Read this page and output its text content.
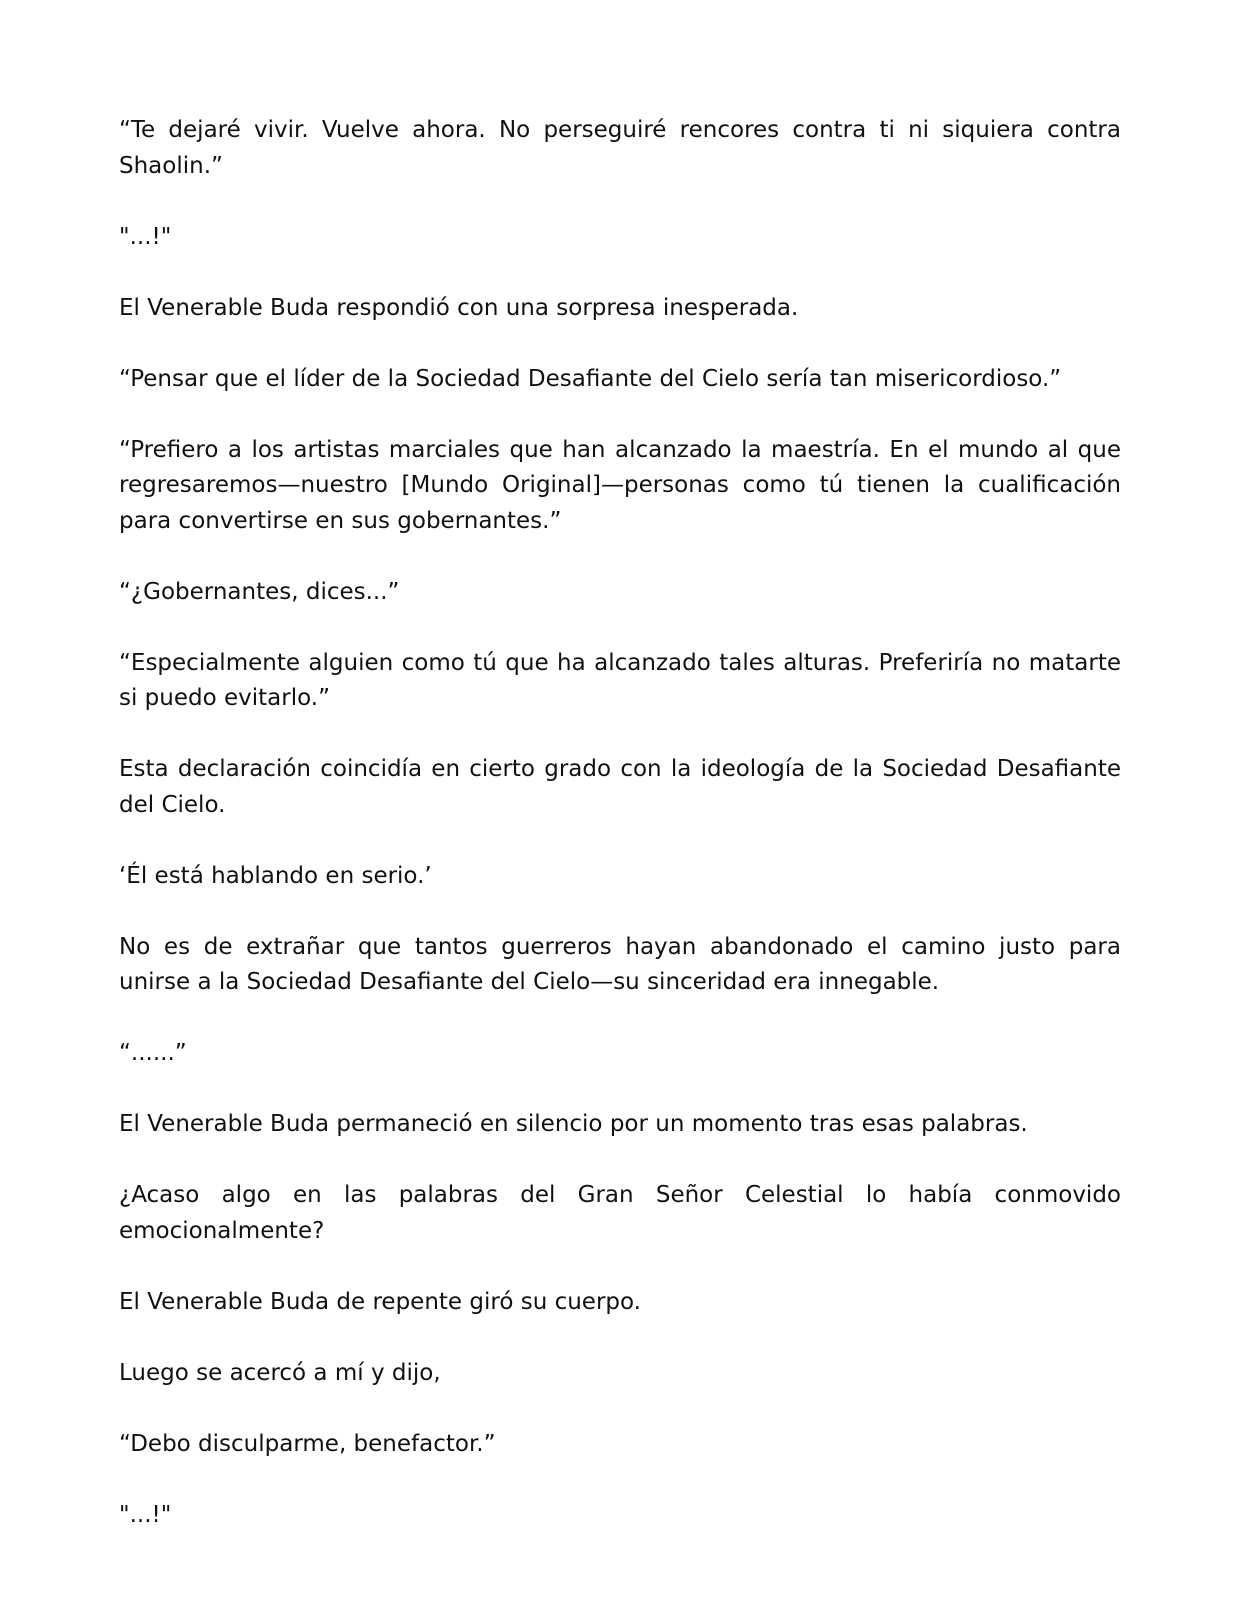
“Te dejaré vivir. Vuelve ahora. No perseguiré rencores contra ti ni siquiera contra Shaolin.”

"...!"

El Venerable Buda respondió con una sorpresa inesperada.

“Pensar que el líder de la Sociedad Desafiante del Cielo sería tan misericordioso.”

“Prefiero a los artistas marciales que han alcanzado la maestría. En el mundo al que regresaremos—nuestro [Mundo Original]—personas como tú tienen la cualificación para convertirse en sus gobernantes.”

“¿Gobernantes, dices...”

“Especialmente alguien como tú que ha alcanzado tales alturas. Preferiría no matarte si puedo evitarlo.”

Esta declaración coincidía en cierto grado con la ideología de la Sociedad Desafiante del Cielo.

‘Él está hablando en serio.’

No es de extrañar que tantos guerreros hayan abandonado el camino justo para unirse a la Sociedad Desafiante del Cielo—su sinceridad era innegable.

“......”

El Venerable Buda permaneció en silencio por un momento tras esas palabras.

¿Acaso algo en las palabras del Gran Señor Celestial lo había conmovido emocionalmente?

El Venerable Buda de repente giró su cuerpo.

Luego se acercó a mí y dijo,

“Debo disculparme, benefactor.”

"...!"
